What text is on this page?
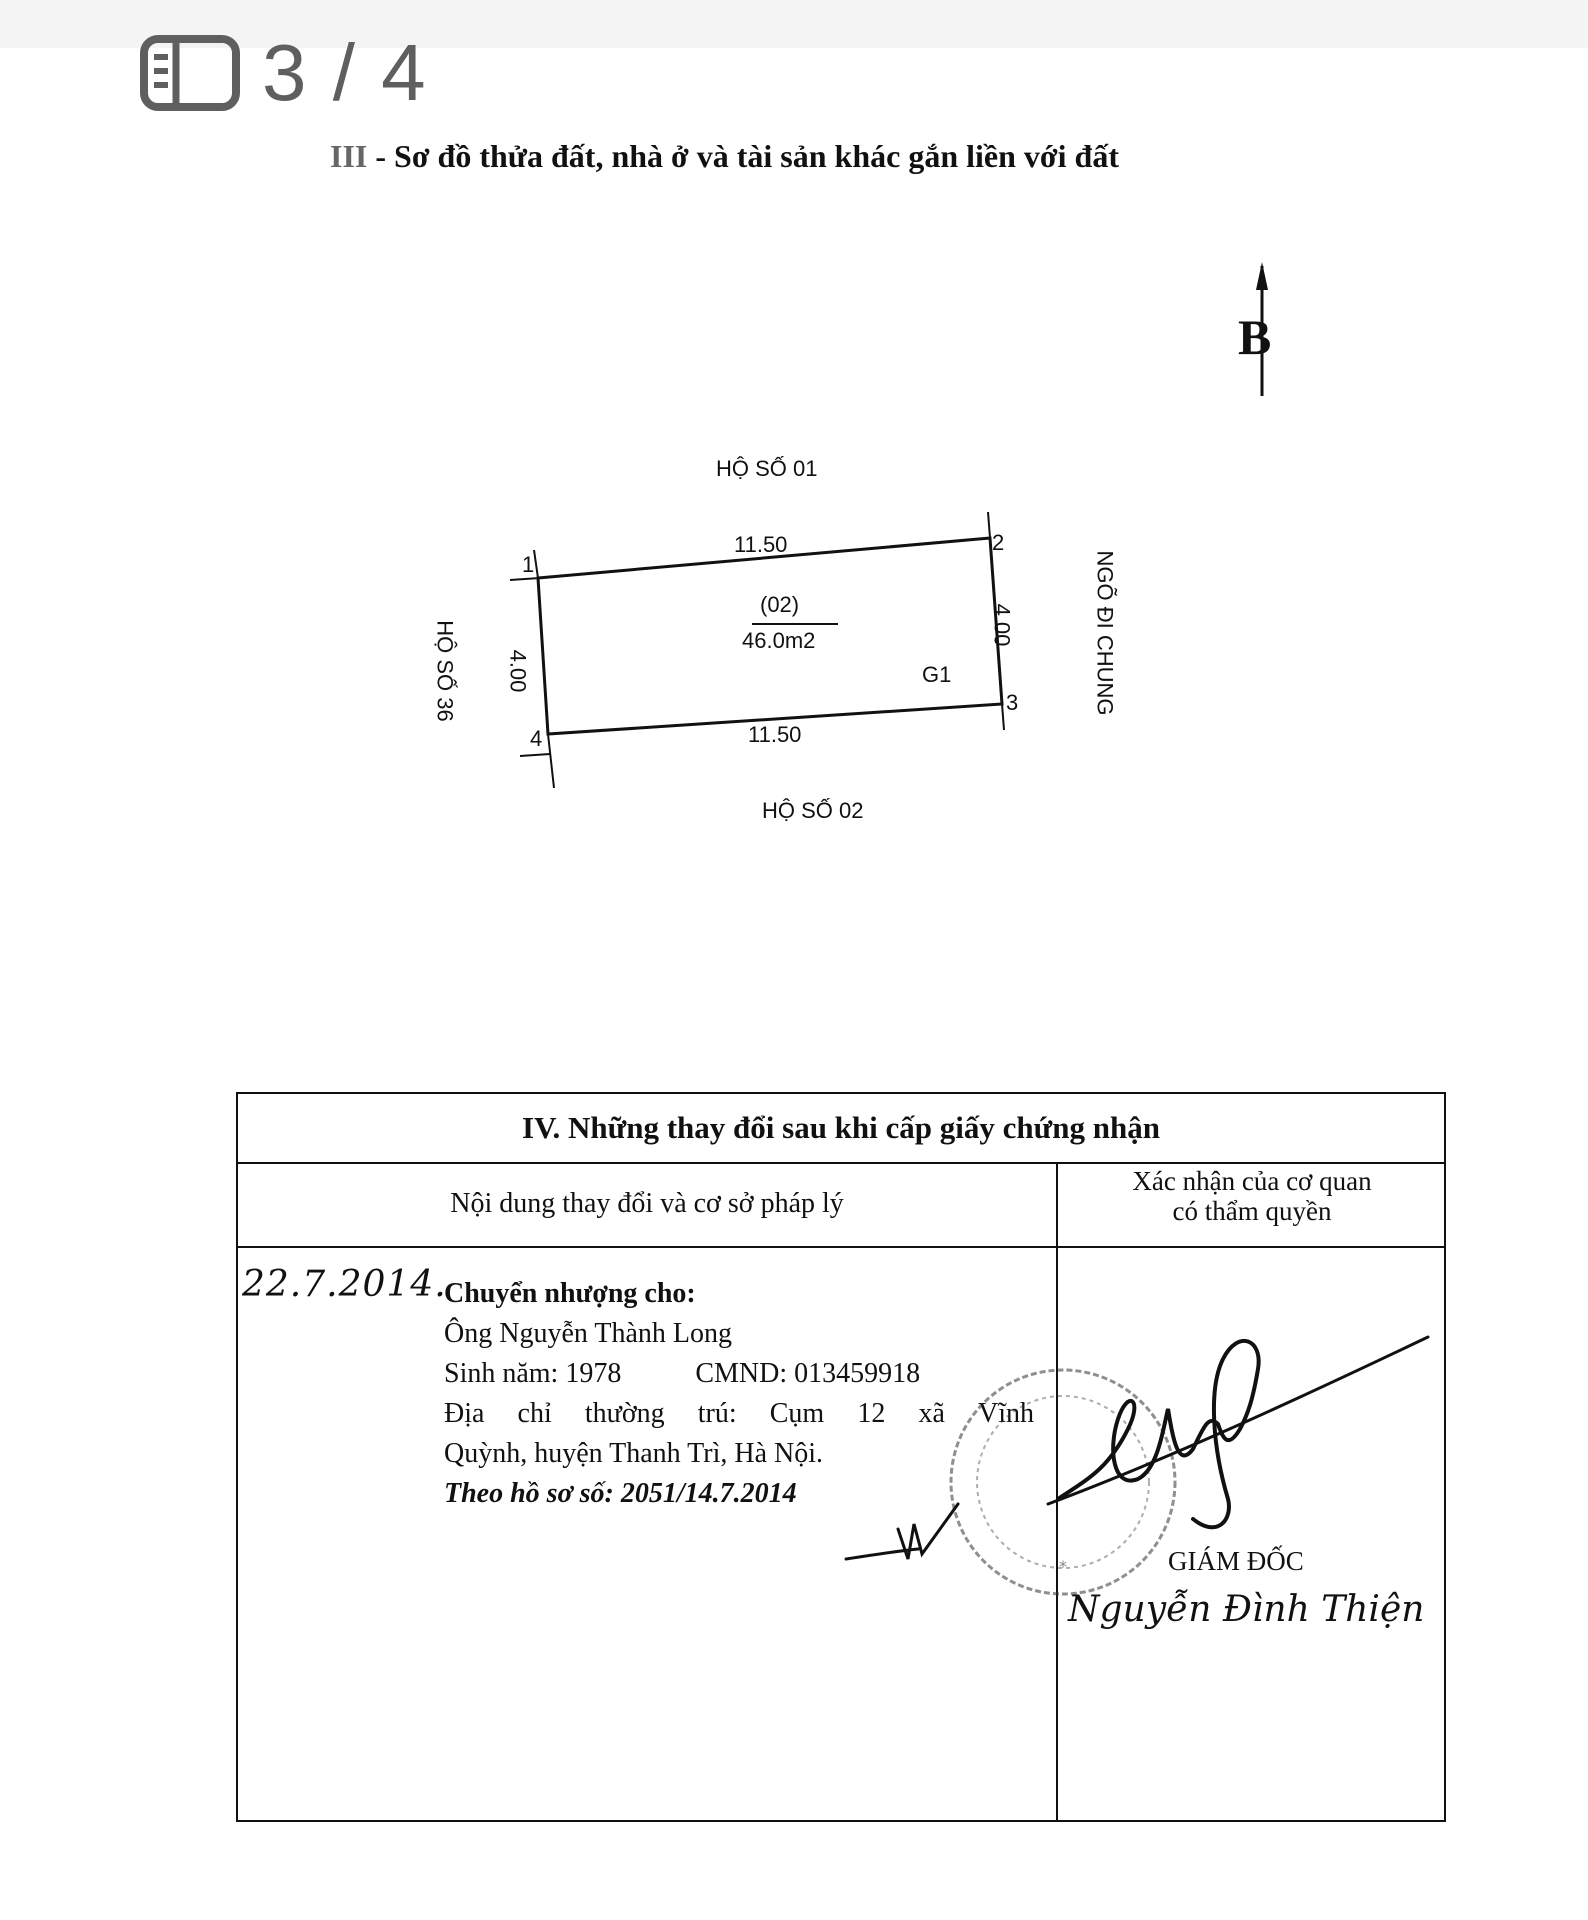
3 / 4
III - Sơ đồ thửa đất, nhà ở và tài sản khác gắn liền với đất
B
HỘ SỐ 01
HỘ SỐ 02
HỘ SỐ 36	NGÕ ĐI CHUNG
11.50
11.50
4.00
4.00
1
2
3
4
(02)
46.0m2
G1
IV. Những thay đổi sau khi cấp giấy chứng nhận
Nội dung thay đổi và cơ sở pháp lý
Xác nhận của cơ quan
có thẩm quyền
22.7.2014.
Chuyển nhượng cho:
Ông Nguyễn Thành Long
Sinh năm: 1978	CMND: 013459918
Địa chỉ thường trú: Cụm 12 xã Vĩnh
Quỳnh, huyện Thanh Trì, Hà Nội.
Theo hồ sơ số: 2051/14.7.2014
*	GIÁM ĐỐC
Nguyễn Đình Thiện
